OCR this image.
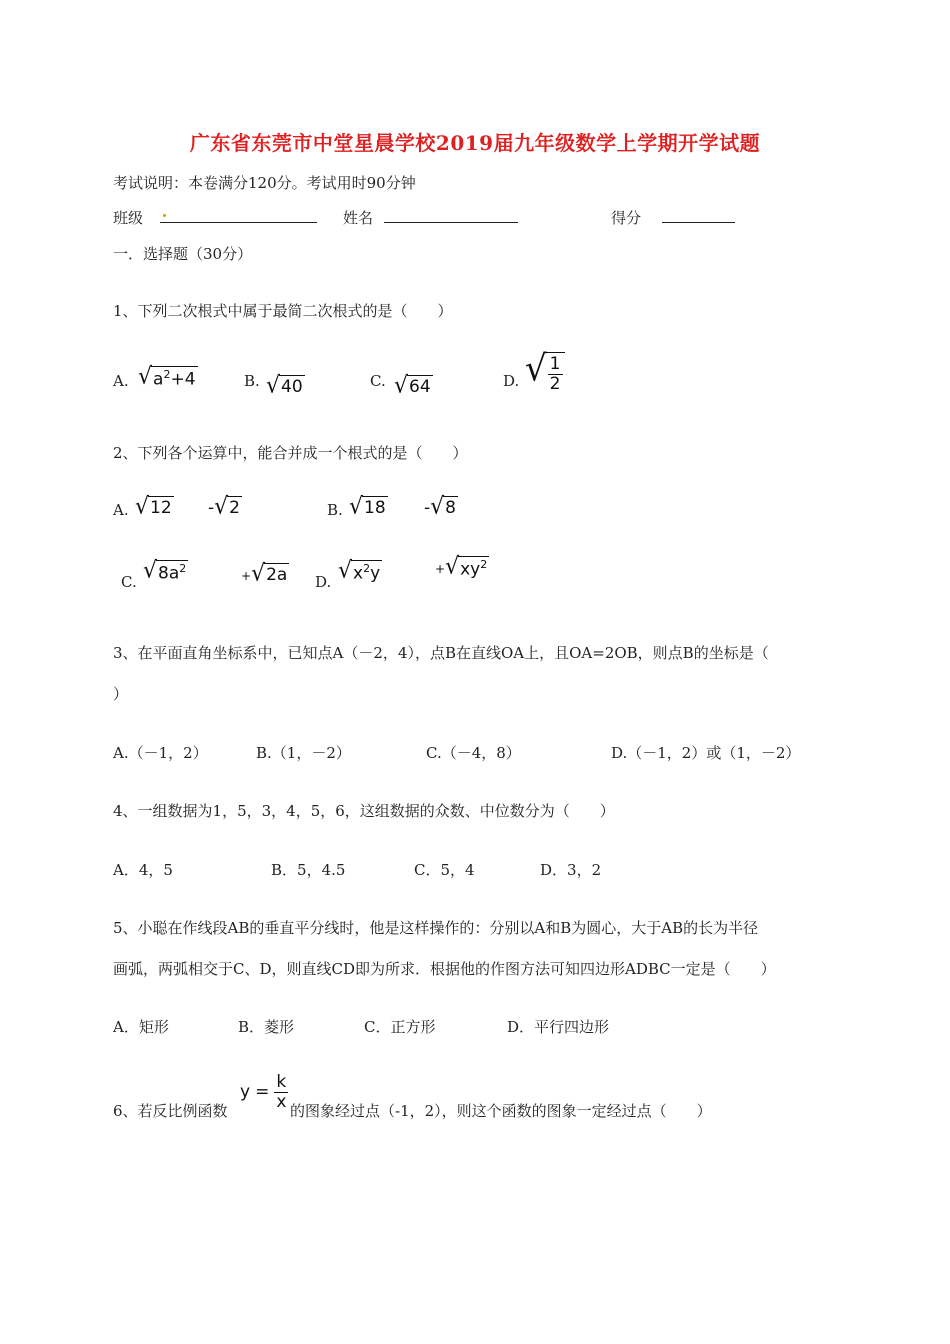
广东省东莞市中堂星晨学校2019届九年级数学上学期开学试题
考试说明：本卷满分120分。考试用时90分钟
班级	姓名	得分
一．选择题（30分）
1、下列二次根式中属于最简二次根式的是（　　）
A. √ $a^2+4$	B. √ 40	C. √ 64	D. √ $\frac{1}{2}$
2、下列各个运算中，能合并成一个根式的是（　　）
A. √ 12 - √ 2	B. √ 18 - √ 8
C. √ $8a^2$
+ √ 2a D. √ $x^2y$	+ √ $xy^2$
3、在平面直角坐标系中，已知点A（－2，4），点B在直线OA上，且OA=2OB，则点B的坐标是（
）
A.（－1，2）	B.（1，－2）	C.（－4，8）	D.（－1，2）或（1，－2）
4、一组数据为1，5，3，4，5，6，这组数据的众数、中位数分为（　　）
A．4，5	B．5，4.5	C．5，4	D．3，2
5、小聪在作线段AB的垂直平分线时，他是这样操作的：分别以A和B为圆心，大于AB的长为半径
画弧，两弧相交于C、D，则直线CD即为所求．根据他的作图方法可知四边形ADBC一定是（　　）
A．矩形	B．菱形	C．正方形	D．平行四边形
6、若反比例函数
$y = \frac{k}{x}$ 的图象经过点（-1，2），则这个函数的图象一定经过点（　　）
